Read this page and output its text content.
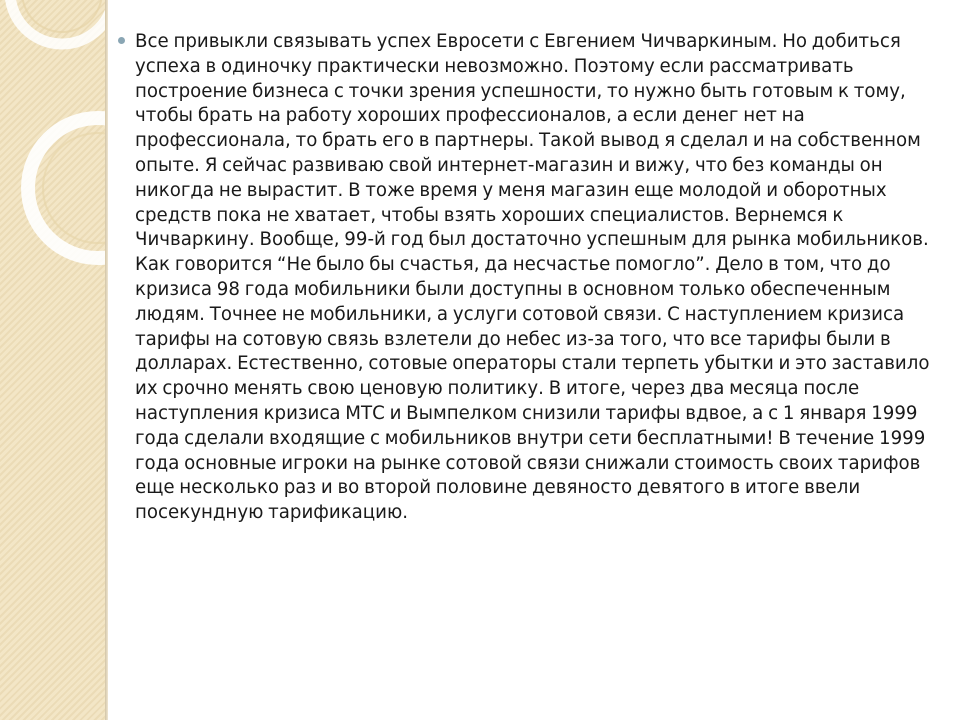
Все привыкли связывать успех Евросети с Евгением Чичваркиным. Но добиться успеха в одиночку практически невозможно. Поэтому если рассматривать построение бизнеса с точки зрения успешности, то нужно быть готовым к тому, чтобы брать на работу хороших профессионалов, а если денег нет на профессионала, то брать его в партнеры. Такой вывод я сделал и на собственном опыте. Я сейчас развиваю свой интернет-магазин и вижу, что без команды он никогда не вырастит. В тоже время у меня магазин еще молодой и оборотных средств пока не хватает, чтобы взять хороших специалистов. Вернемся к Чичваркину. Вообще, 99-й год был достаточно успешным для рынка мобильников. Как говорится “Не было бы счастья, да несчастье помогло”. Дело в том, что до кризиса 98 года мобильники были доступны в основном только обеспеченным людям. Точнее не мобильники, а услуги сотовой связи. С наступлением кризиса тарифы на сотовую связь взлетели до небес из-за того, что все тарифы были в долларах. Естественно, сотовые операторы стали терпеть убытки и это заставило их срочно менять свою ценовую политику. В итоге, через два месяца после наступления кризиса МТС и Вымпелком снизили тарифы вдвое, а с 1 января 1999 года сделали входящие с мобильников внутри сети бесплатными! В течение 1999 года основные игроки на рынке сотовой связи снижали стоимость своих тарифов еще несколько раз и во второй половине девяносто девятого в итоге ввели посекундную тарификацию.
